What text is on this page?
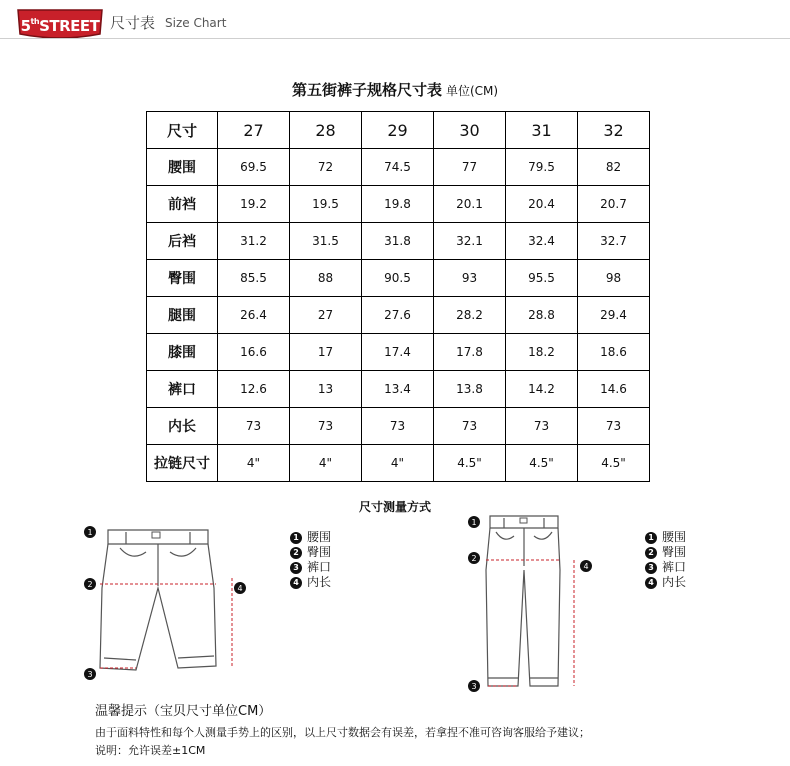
5thSTREET 尺寸表 Size Chart
第五街裤子规格尺寸表 单位(CM)
尺寸	27	28	29	30	31	32
腰围	69.5	72	74.5	77	79.5	82
前裆	19.2	19.5	19.8	20.1	20.4	20.7
后裆	31.2	31.5	31.8	32.1	32.4	32.7
臀围	85.5	88	90.5	93	95.5	98
腿围	26.4	27	27.6	28.2	28.8	29.4
膝围	16.6	17	17.4	17.8	18.2	18.6
裤口	12.6	13	13.4	13.8	14.2	14.6
内长	73	73	73	73	73	73
拉链尺寸	4"	4"	4"	4.5"	4.5"	4.5"
尺寸测量方式
1
2
3
4
1 腰围
2 臀围
3 裤口
4 内长
1
2
3
4
1 腰围
2 臀围
3 裤口
4 内长
温馨提示（宝贝尺寸单位CM）
由于面料特性和每个人测量手势上的区别，以上尺寸数据会有误差，若拿捏不准可咨询客服给予建议；
说明：允许误差±1CM
